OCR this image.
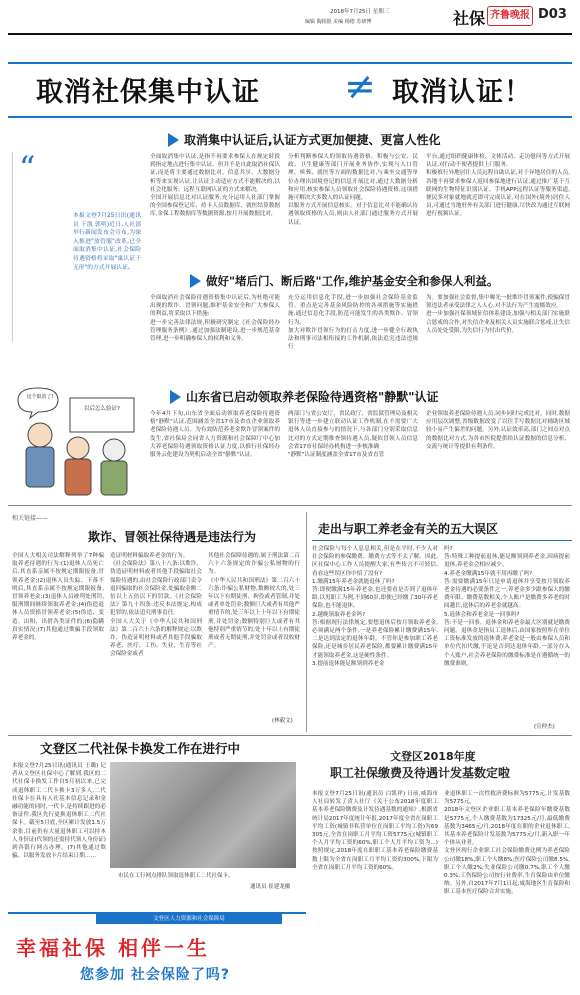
2018年7月25日 星期三
编辑 陶相银 美编 杨德 苏研博	社保 齐鲁晚报 D03
取消社保集中认证 ≠ 取消认证！
“
本报文登7月25日讯(通讯员 于凯 郭明)近日,人社部举行新闻发布会宣布,为深入推进"放管服"改革,已全面取消集中认证,社会保险待遇资格将采取"寓认证于无形"的方式开展认证。
取消集中认证后,认证方式更加便捷、更富人性化
全面取消集中认证,是指不再要求参保人在规定时段到指定地点进行集中认证。但并不是自此取消社保认证,而是将主要通过数据比对、信息共享、大数据分析等来实现认证,让认证主动适应方式不能解决的,以社会化服务、远程互联网认证的方式来解决。
全国开展信息比对认证服务,充分运用人社部门掌握的全国参保登记库、持卡人员数据库、就医结算数据库,金保工程数据库等数据资源,按月开展数据比对,
分析判断参保人的领取待遇资格。积极与公安、民政、卫生健康等部门开展业务协作,实现与人口管理、殡葬、就医等方面的数据比对,与乘坐交通等单位办理出国境登记的信息开展比对,通过大数据分析和应用,核实参保人员领取社会保险待遇资格,这项措施可解决大多数人的认证问题。
以服务方式开展信息核实。对于信息比对不能确认待遇领取资格的人员,则由人社部门通过服务方式开展认证。
平台,通过组织健康体检、文体活动、走访慰问等方式开展认证,对行动不便者提供上门服务。
积极推行异地居住人员远程自助认证,对于异地居住的人员,各地不再要求参保人返回参保地进行认证,通过推广基于互联网的生物特征识别认证、手机APP远程认证等服务渠道,便民多对象就地就近即可完成认证,对在国外(境外)居住人员,可通过当地驻外有关部门进行健康,尽快改为通过互联网进行视频认证。
做好"堵后门、断后路"工作,维护基金安全和参保人利益。
全面取消社会保险待遇资格集中认证后,为杜绝可能出现的欺诈、冒领问题,维护基金安全和广大参保人的利益,将采取以下措施:
进一步完善法律法规,积极研究制定《社会保险经办管理服务条例》,通过加强法制建设,进一步规范基金管理,进一步明确参保人的权利和义务。
充分运用信息化手段,进一步加强社会保险基金监管。重点是完善基金风险防控的各项措施等实施措施,通过信息化手段,防范可能发生的各类欺诈、冒领行为。
加大对欺诈冒领行为的打击力度,进一步健全行政执法和刑事司法相衔接的工作机制,依法追究违法违规行
为。要加强社会监督,集中曝光一批欺诈冒领案件,使骗保冒领违法者承受法律之人人心,对不法行为产生震慑效应。
进一步加强社保领域征信体系建设,加强与相关部门实施联合惩戒的合作,对失信企业及相关人员实施联合惩戒,让失信人员处处受限,为失信行为付出代价。
这个取消了!
以后怎么验证?
山东省已启动领取养老保险待遇资格"静默"认证
今年4月下旬,山东省全面启动领取养老保险待遇资格"静默"认证,范围涵盖全省17市及省直企业领取养老保险待遇人员。为有效防范养老金欺诈冒领案件的发生,省社保局会同省人力资源和社会保障厅中心加大养老保险待遇领取资格认证力度,以推行社保经办服务云化建设为契机启动全省"静默"认证。
两部门与省公安厅、省民政厅、省监狱管理局及相关银行等进一步建立联动认证工作机制,在不需要广大退休人员直接参与的情况下,与各部门分别采取信息比对的方式定期推查领待遇人员,疑似冒领人员信息会省17市社保经办机构进一步核准确
"静默"认证制度涵盖全省17市及省直管
企业领取养老保险待遇人员,同步同时完成比对。同时,数据应用层次调整,省级数据改变了以往手写数据比对辅助区域较小易产生偏差的问题。另外,认证效率高,部门之间点对点的数据比对方式,为各市医院提供给认证数据的信息分析、交流与统计等提供有利条件。
相关链接——
欺诈、冒领社保待遇是违法行为
全国人大相关司法解释列举了7种骗取养老待遇的行为:(1)退休人员死亡后,其直系亲属不按规定期限报备,冒领养老金;(2)退休人员失踪、下落不明后,其直系亲属不按规定期限报备,冒领养老金;(3)退休人员被判处刑罚,服刑期间继续领取养老金;(4)伪造退休人员资格冒领养老金;(5)伪造、变造、出租、出借各类证件的;(6)隐瞒真实情况;(7)其他通过欺骗手段领取养老金的。
造证明材料骗取养老金的行为。
《社会保险法》第八十八条:以欺诈、伪造证明材料或者其他手段骗取社会保险待遇的,由社会保险行政部门责令退回骗取的社会保险金,处骗取金额二倍以上五倍以下的罚款。《社会保险法》第九十四条:违反本法规定,构成犯罪的,依法追究刑事责任。
全国人大关于《中华人民共和国刑法》第二百六十六条的解释规定:以欺诈、伪造证明材料或者其他手段骗取养老、医疗、工伤、失业、生育等社会保险金或者
其他社会保障待遇的,属于刑法第二百六十六条规定的诈骗公私财物的行为。
《中华人民共和国刑法》第二百六十六条:诈骗公私财物,数额较大的,处三年以下有期徒刑、拘役或者管制,并处或者单处罚金;数额巨大或者有其他严重情节的,处三年以上十年以下有期徒刑,并处罚金;数额特别巨大或者有其他特别严重情节的,处十年以上有期徒刑或者无期徒刑,并处罚金或者没收财产。
(林毅文)
走出与职工养老金有关的五大误区
社会保险与每个人息息相关,但是在平时,不少人对社会保险的参保缴费、缴费方式等不太了解。因此,区社保中心工作人员提醒大家,有些传言不可轻信,看看这些误区你中招了没有?
1.缴满15年养老金就能退休了吗?
答:即便缴满15年养老金,也还要看是否到了退休年龄,以男职工为例,不到60岁,即便已经缴了30年养老保险,也不能退休。
2.越晚领取养老金吗?
答:根据现行法律规定,要想退休后按月领取养老金,必须满足两个条件,一是养老保险累计缴费满15年,二是达到法定的退休年龄。不管你是参加职工养老保险,还是城乡居民养老保险,都要累计缴费满15年才能领取养老金,这是硬性条件。
3.提前退休能足额领到养老金
吗?
答:特殊工种提前退休,能足额领到养老金,因病提前退休,养老金会相应减少。
4.养老金缴满15年就不用再缴了吗?
答:需要缴满15年只是申请退休并享受按月领取养老金待遇的必要条件之一,养老金多少跟参保人的缴费年限、缴费基数相关,个人账户是缴费多养老的时间越长,退休后的养老金就越高。
5.退休会和养老金是一回事吗?
答:不是一回事。退休金和养老金最大区别就是缴费问题。退休金是指员工退休后,由国家按照所在单位工资标准发放的退休费,养老金是一般由参保人员和单位代扣代缴,不论是否到达退休年龄,一部分存入个人账户,社会养老保险的缴费标准是在遵循统一的缴费准则。
(宣仲杰)
文登区二代社保卡换发工作在进行中
本报文登7月25日讯(通讯员 王璐) 记者从文登区社保中心了解到,我区的二代社保卡换发工作自5月初以来,已完成退休职工二代卡换卡3万多人,二代社保卡在具有人社基本信息记录和金融功能的同时,一代卡,是持续跟进的必备证件,我区先行更换退休职工二代社保卡。截至5月底,全区累计发放1.5万余张,目前仍有大量退休职工可以持本人身份证(代领的还需持代领人身份证)到各银行网点办理。(7)其他通过欺骗、以服务发放卡片结束日期……
市民在工行网点排队领取退休职工二代社保卡。
通讯员 崔建龙摄
文登区2018年度
职工社保缴费及待遇计发基数定啦
本报文登7月25日讯(通讯员 白凯祥) 日前,威海市人社局转发了省人社厅《关于公布2018年度职工基本养老保险缴费及计发待遇基数的通知》,根据省统计局2017年度统计年报,2017年度全省在岗职工平均工资(城镇非私营单位在岗职工平均工资)为69305元,全省在岗职工月平均工资5775元(城镇职工个人月平均工资的60%,职工个人月平均工资为...)按照规定,2018年度在职职工基本养老保险缴费基数上限为全省在岗职工月平均工资的300%,下限为全省在岗职工月平均工资的60%。
业退休职工一次性救济费标准为5775元,计发基数为5775元。
2018年文登区企业职工基本养老保险年缴费基数是5775元,个人缴费基数为17325元/月,最低缴费基数为3465元/月,2018年度在职的企业退休职工,其基本养老保险计发基数为5775元/月,新入职一年个体从业者。
文登区现行企业职工社会保险缴费比例为养老保险公司缴18%,职工个人缴8%;医疗保险公司缴8.5%,职工个人缴2%;失业保险公司缴0.7%,职工个人缴0.3%;工伤保险公司按行业费率,生育保险由单位缴纳。另外,自2017年7月1日起,威海地区生育保险和职工基本医疗保险合并实施。
文登区人力资源和社会保障局
幸福社保 相伴一生
您参加 社会保险了吗?
